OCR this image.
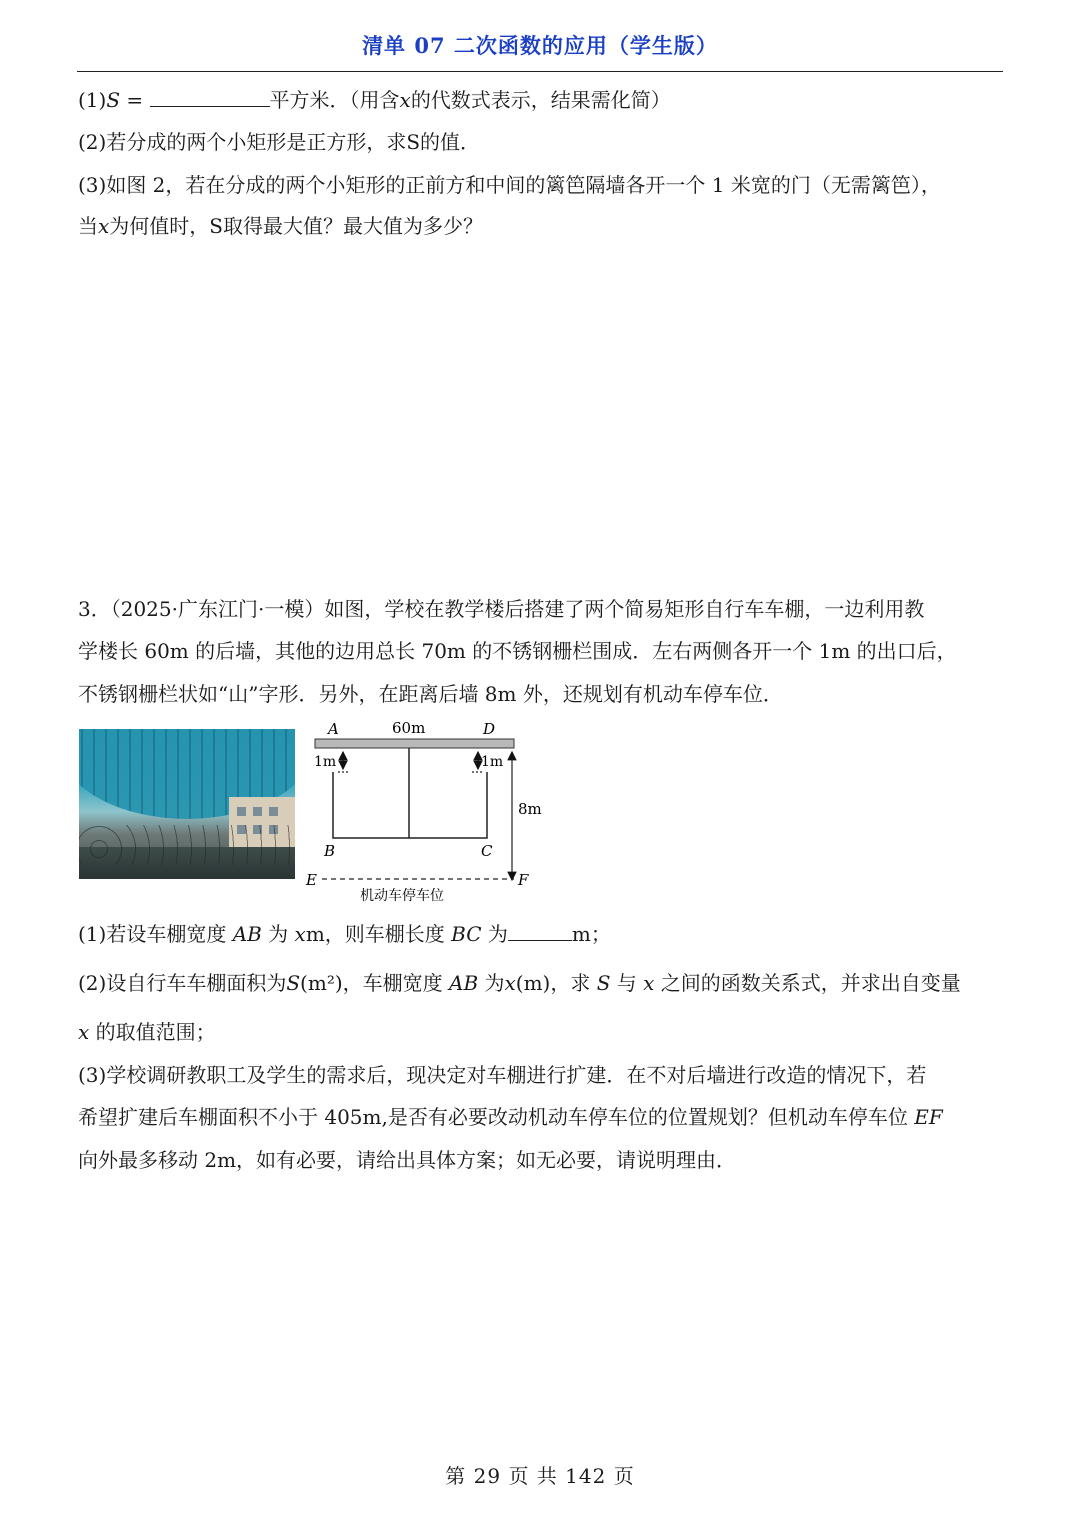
清单 07 二次函数的应用（学生版）
(1)S =	平方米．（用含x的代数式表示，结果需化简）
(2)若分成的两个小矩形是正方形，求S的值．
(3)如图 2，若在分成的两个小矩形的正前方和中间的篱笆隔墙各开一个 1 米宽的门（无需篱笆），
当x为何值时，S取得最大值？最大值为多少？
3．（2025·广东江门·一模）如图，学校在教学楼后搭建了两个简易矩形自行车车棚，一边利用教
学楼长 60m 的后墙，其他的边用总长 70m 的不锈钢栅栏围成．左右两侧各开一个 1m 的出口后，
不锈钢栅栏状如“山”字形．另外，在距离后墙 8m 外，还规划有机动车停车位．
A	60m	D
1m	1m
8m
B	C
E	F
机动车停车位
(1)若设车棚宽度 AB 为 xm，则车棚长度 BC 为	m；
(2)设自行车车棚面积为S(m²)，车棚宽度 AB 为x(m)，求 S 与 x 之间的函数关系式，并求出自变量
x 的取值范围；
(3)学校调研教职工及学生的需求后，现决定对车棚进行扩建．在不对后墙进行改造的情况下，若
希望扩建后车棚面积不小于 405m,是否有必要改动机动车停车位的位置规划？但机动车停车位 EF
向外最多移动 2m，如有必要，请给出具体方案；如无必要，请说明理由．
第 29 页 共 142 页
